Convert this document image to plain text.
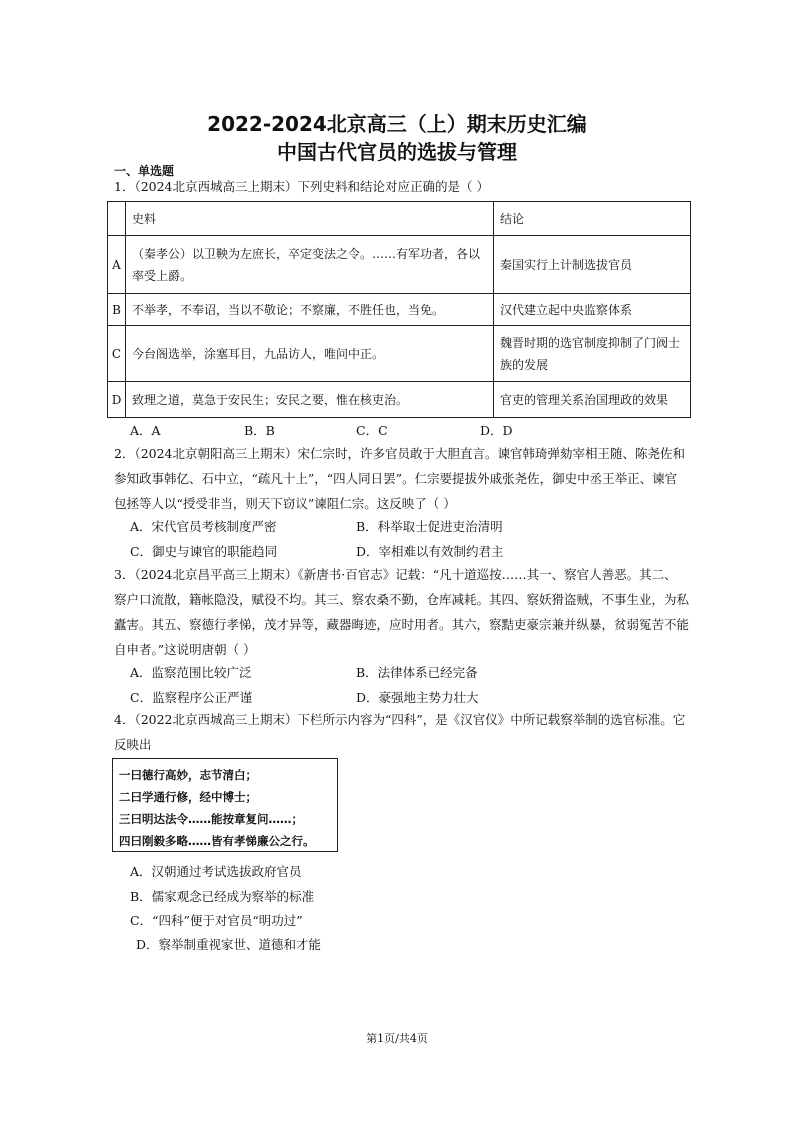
2022-2024北京高三（上）期末历史汇编
中国古代官员的选拔与管理
一、单选题
1．（2024北京西城高三上期末）下列史料和结论对应正确的是（ ）
	史料	结论
A	（秦孝公）以卫鞅为左庶长，卒定变法之令。……有军功者，各以率受上爵。	秦国实行上计制选拔官员
B	不举孝，不奉诏，当以不敬论；不察廉，不胜任也，当免。	汉代建立起中央监察体系
C	今台阁选举，涂塞耳目，九品访人，唯问中正。	魏晋时期的选官制度抑制了门阀士族的发展
D	致理之道，莫急于安民生；安民之要，惟在核吏治。	官吏的管理关系治国理政的效果
A．A	B．B	C．C	D．D
2．（2024北京朝阳高三上期末）宋仁宗时，许多官员敢于大胆直言。谏官韩琦弹劾宰相王随、陈尧佐和参知政事韩亿、石中立，“疏凡十上”，“四人同日罢”。仁宗要提拔外戚张尧佐，御史中丞王举正、谏官包拯等人以“授受非当，则天下窃议”谏阻仁宗。这反映了（ ）
A．宋代官员考核制度严密	B．科举取士促进吏治清明
C．御史与谏官的职能趋同	D．宰相难以有效制约君主
3．（2024北京昌平高三上期末）《新唐书·百官志》记载：“凡十道巡按……其一、察官人善恶。其二、察户口流散，籍帐隐没，赋役不均。其三、察农桑不勤，仓库减耗。其四、察妖猾盗贼，不事生业，为私蠹害。其五、察德行孝悌，茂才异等，藏器晦迹，应时用者。其六，察黠吏豪宗兼并纵暴，贫弱冤苦不能自申者。”这说明唐朝（ ）
A．监察范围比较广泛	B．法律体系已经完备
C．监察程序公正严谨	D．豪强地主势力壮大
4．（2022北京西城高三上期末）下栏所示内容为“四科”，是《汉官仪》中所记载察举制的选官标准。它反映出
一曰德行高妙，志节清白；
二曰学通行修，经中博士；
三曰明达法令……能按章复问……；
四曰刚毅多略……皆有孝悌廉公之行。
A．汉朝通过考试选拔政府官员
B．儒家观念已经成为察举的标准
C．“四科”便于对官员“明功过”
D．察举制重视家世、道德和才能
第1页/共4页
